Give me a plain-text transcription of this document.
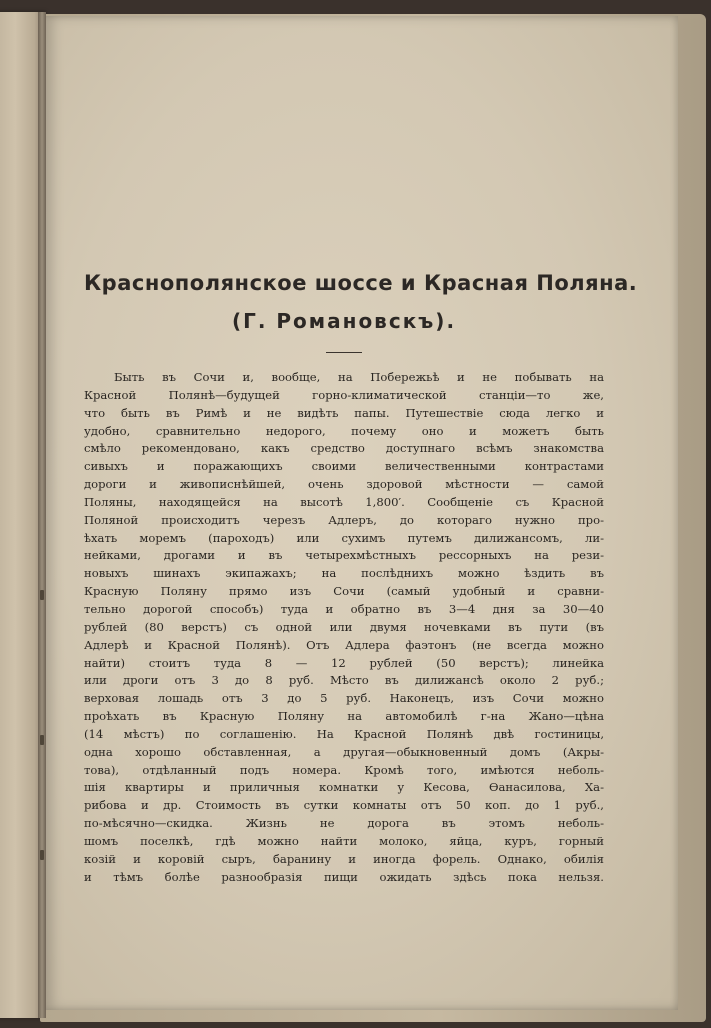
Краснополянское шоссе и Красная Поляна.
(Г. Романовскъ).
Быть въ Сочи и, вообще, на Побережьѣ и не побывать на
Красной Полянѣ—будущей горно-климатической станціи—то же,
что быть въ Римѣ и не видѣть папы. Путешествіе сюда легко и
удобно, сравнительно недорого, почему оно и можетъ быть
смѣло рекомендовано, какъ средство доступнаго всѣмъ знакомства
сивыхъ и поражающихъ своими величественными контрастами
дороги и живописнѣйшей, очень здоровой мѣстности — самой
Поляны, находящейся на высотѣ 1,800′. Сообщеніе съ Красной
Поляной происходитъ черезъ Адлеръ, до котораго нужно про-
ѣхать моремъ (пароходъ) или сухимъ путемъ дилижансомъ, ли-
нейками, дрогами и въ четырехмѣстныхъ рессорныхъ на рези-
новыхъ шинахъ экипажахъ; на послѣднихъ можно ѣздить въ
Красную Поляну прямо изъ Сочи (самый удобный и сравни-
тельно дорогой способъ) туда и обратно въ 3—4 дня за 30—40
рублей (80 верстъ) съ одной или двумя ночевками въ пути (въ
Адлерѣ и Красной Полянѣ). Отъ Адлера фаэтонъ (не всегда можно
найти) стоитъ туда 8 — 12 рублей (50 верстъ); линейка
или дроги отъ 3 до 8 руб. Мѣсто въ дилижансѣ около 2 руб.;
верховая лошадь отъ 3 до 5 руб. Наконецъ, изъ Сочи можно
проѣхать въ Красную Поляну на автомобилѣ г-на Жано—цѣна
(14 мѣстъ) по соглашенію. На Красной Полянѣ двѣ гостиницы,
одна хорошо обставленная, а другая—обыкновенный домъ (Акры-
това), отдѣланный подъ номера. Кромѣ того, имѣются неболь-
шія квартиры и приличныя комнатки у Кесова, Өанасилова, Ха-
рибова и др. Стоимость въ сутки комнаты отъ 50 коп. до 1 руб.,
по-мѣсячно—скидка. Жизнь не дорога въ этомъ неболь-
шомъ поселкѣ, гдѣ можно найти молоко, яйца, куръ, горный
козій и коровій сыръ, баранину и иногда форель. Однако, обилія
и тѣмъ болѣе разнообразія пищи ожидать здѣсь пока нельзя.
